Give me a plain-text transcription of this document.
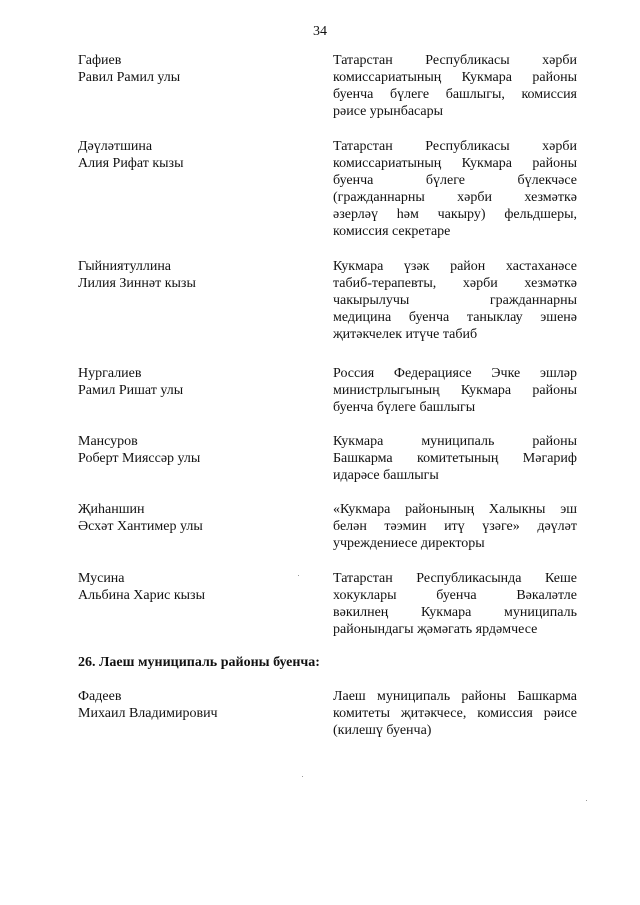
34
Гафиев
Равил Рамил улы
Татарстан Республикасы хәрби
комиссариатының Кукмара районы
буенча бүлеге башлыгы, комиссия
рәисе урынбасары
Дәүләтшина
Алия Рифат кызы
Татарстан Республикасы хәрби
комиссариатының Кукмара районы
буенча бүлеге бүлекчәсе
(гражданнарны хәрби хезмәткә
әзерләү һәм чакыру) фельдшеры,
комиссия секретаре
Гыйниятуллина
Лилия Зиннәт кызы
Кукмара үзәк район хастаханәсе
табиб-терапевты, хәрби хезмәткә
чакырылучы гражданнарны
медицина буенча таныклау эшенә
җитәкчелек итүче табиб
Нургалиев
Рамил Ришат улы
Россия Федерациясе Эчке эшләр
министрлыгының Кукмара районы
буенча бүлеге башлыгы
Мансуров
Роберт Мияссәр улы
Кукмара муниципаль районы
Башкарма комитетының Мәгариф
идарәсе башлыгы
Җиһаншин
Әсхәт Хантимер улы
«Кукмара районының Халыкны эш
белән тәэмин итү үзәге» дәүләт
учреждениесе директоры
Мусина
Альбина Харис кызы
Татарстан Республикасында Кеше
хокуклары буенча Вәкаләтле
вәкилнең Кукмара муниципаль
районындагы җәмәгать ярдәмчесе
26. Лаеш муниципаль районы буенча:
Фадеев
Михаил Владимирович
Лаеш муниципаль районы Башкарма
комитеты җитәкчесе, комиссия рәисе
(килешү буенча)
